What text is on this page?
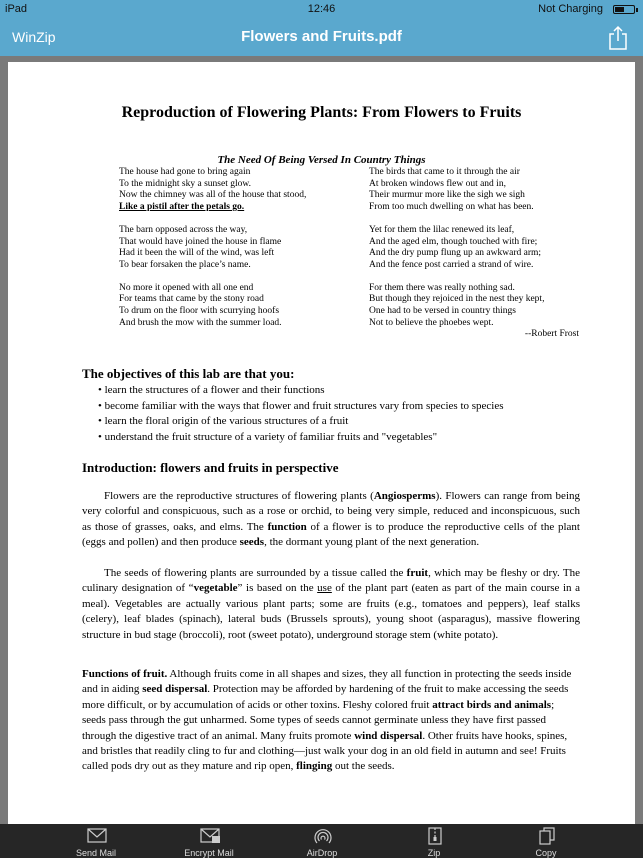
iPad	12:46	Not Charging
WinZip	Flowers and Fruits.pdf
Reproduction of Flowering Plants: From Flowers to Fruits
The Need Of Being Versed In Country Things
The house had gone to bring again
To the midnight sky a sunset glow.
Now the chimney was all of the house that stood,
Like a pistil after the petals go.
The barn opposed across the way,
That would have joined the house in flame
Had it been the will of the wind, was left
To bear forsaken the place’s name.
No more it opened with all one end
For teams that came by the stony road
To drum on the floor with scurrying hoofs
And brush the mow with the summer load.
The birds that came to it through the air
At broken windows flew out and in,
Their murmur more like the sigh we sigh
From too much dwelling on what has been.
Yet for them the lilac renewed its leaf,
And the aged elm, though touched with fire;
And the dry pump flung up an awkward arm;
And the fence post carried a strand of wire.
For them there was really nothing sad.
But though they rejoiced in the nest they kept,
One had to be versed in country things
Not to believe the phoebes wept.
--Robert Frost
The objectives of this lab are that you:
• learn the structures of a flower and their functions
• become familiar with the ways that flower and fruit structures vary from species to species
• learn the floral origin of the various structures of a fruit
• understand the fruit structure of a variety of familiar fruits and "vegetables"
Introduction: flowers and fruits in perspective

Flowers are the reproductive structures of flowering plants (Angiosperms). Flowers can range from being very colorful and conspicuous, such as a rose or orchid, to being very simple, reduced and inconspicuous, such as those of grasses, oaks, and elms. The function of a flower is to produce the reproductive cells of the plant (eggs and pollen) and then produce seeds, the dormant young plant of the next generation.

The seeds of flowering plants are surrounded by a tissue called the fruit, which may be fleshy or dry. The culinary designation of “vegetable” is based on the use of the plant part (eaten as part of the main course in a meal). Vegetables are actually various plant parts; some are fruits (e.g., tomatoes and peppers), leaf stalks (celery), leaf blades (spinach), lateral buds (Brussels sprouts), young shoot (asparagus), massive flowering structure in bud stage (broccoli), root (sweet potato), underground storage stem (white potato).

Functions of fruit. Although fruits come in all shapes and sizes, they all function in protecting the seeds inside and in aiding seed dispersal. Protection may be afforded by hardening of the fruit to make accessing the seeds more difficult, or by accumulation of acids or other toxins. Fleshy colored fruit attract birds and animals; seeds pass through the gut unharmed. Some types of seeds cannot germinate unless they have first passed through the digestive tract of an animal. Many fruits promote wind dispersal. Other fruits have hooks, spines, and bristles that readily cling to fur and clothing—just walk your dog in an old field in autumn and see! Fruits called pods dry out as they mature and rip open, flinging out the seeds.

Send Mail	Encrypt Mail	AirDrop	Zip	Copy
